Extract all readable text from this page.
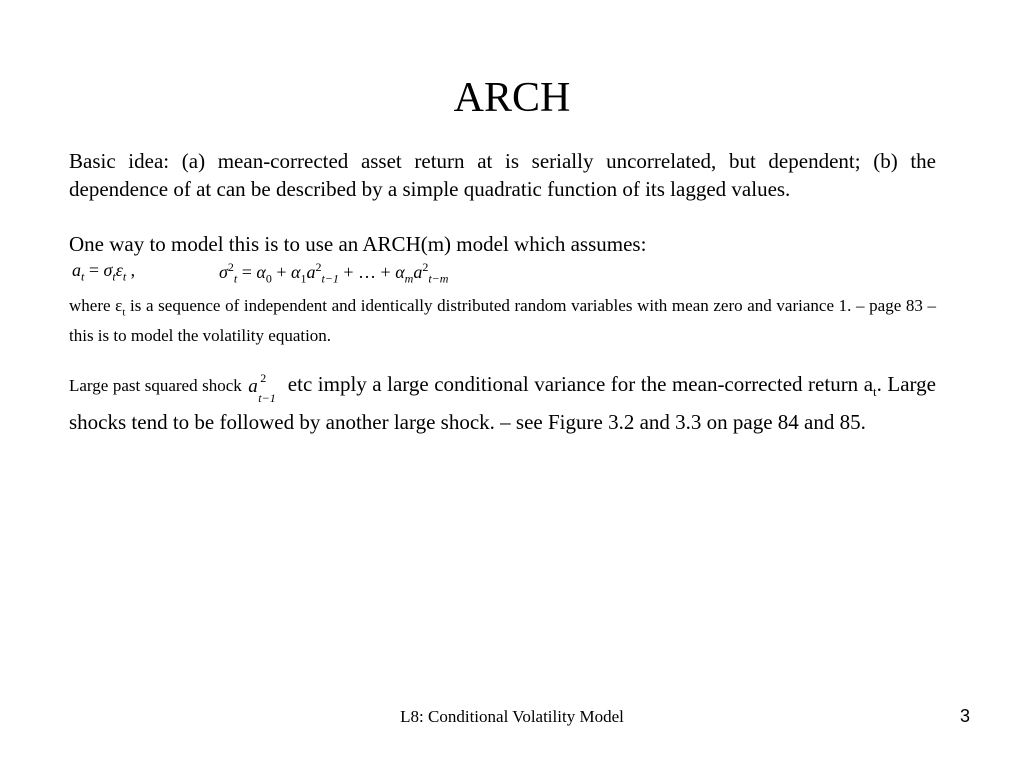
ARCH

Basic idea: (a) mean-corrected asset return at is serially uncorrelated, but dependent; (b) the dependence of at can be described by a simple quadratic function of its lagged values.

One way to model this is to use an ARCH(m) model which assumes:

$a_t = \sigma_t\varepsilon_t$ ,	$\sigma^2_t = \alpha_0 + \alpha_1a^2_{t-1}$ + … + $\alpha_ma^2_{t-m}$

where $\varepsilon_t$ is a sequence of independent and identically distributed random variables with mean zero and variance 1. – page 83 – this is to model the volatility equation.

Large past squared shock a 2
t−1
etc imply a large conditional variance for the mean-corrected return $a_t$. Large shocks tend to be followed by another large shock. – see Figure 3.2 and 3.3 on page 84 and 85.

L8: Conditional Volatility Model	3
